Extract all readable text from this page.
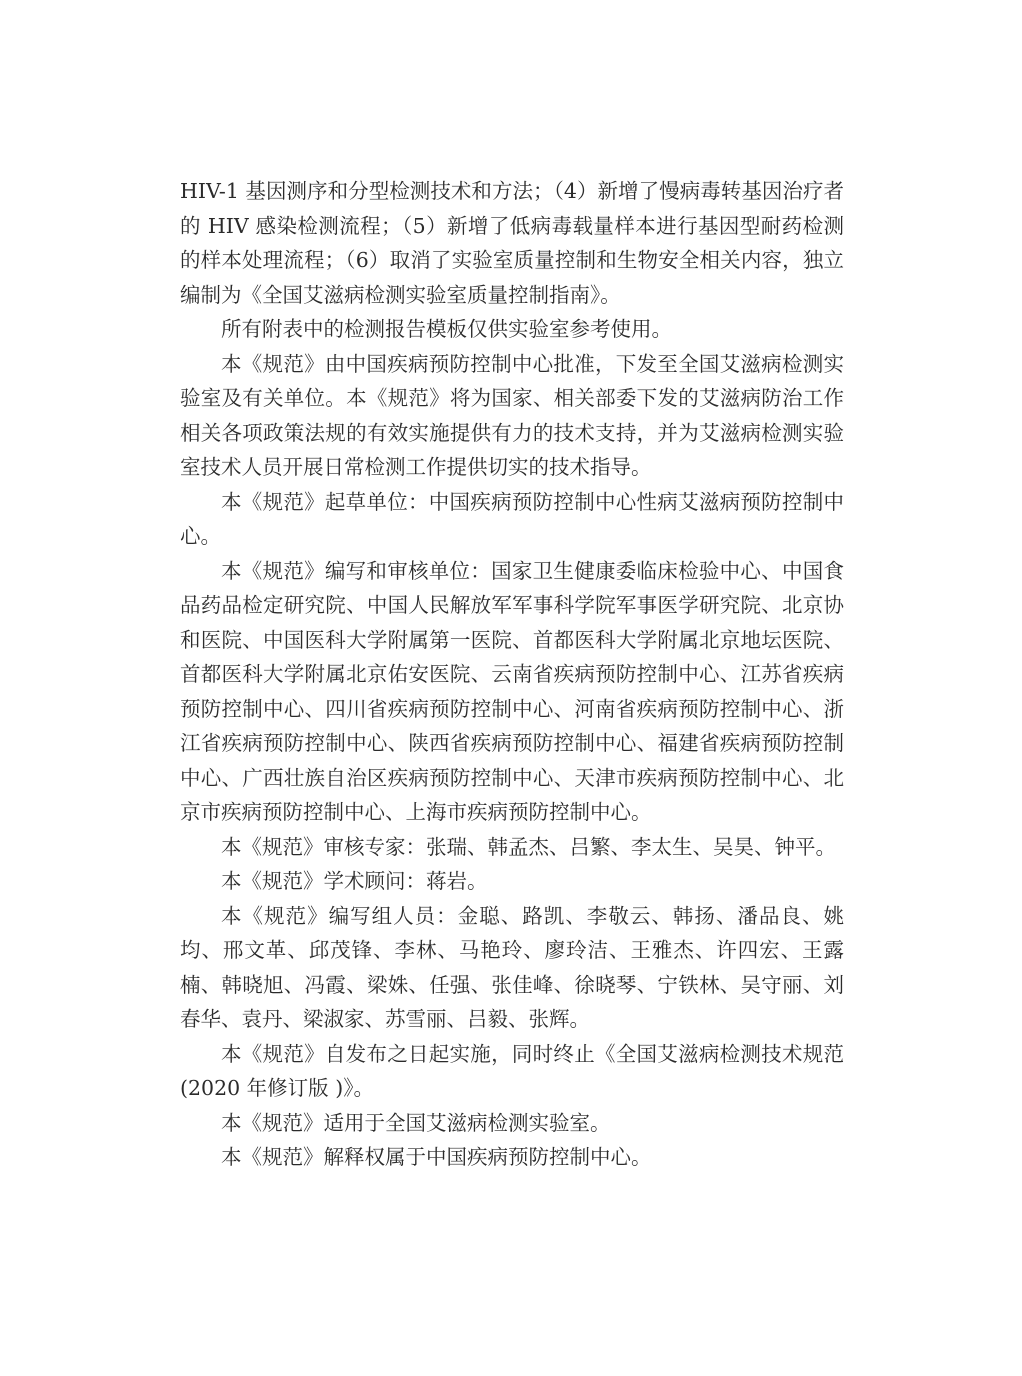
HIV-1 基因测序和分型检测技术和方法；（4）新增了慢病毒转基因治疗者的 HIV 感染检测流程；（5）新增了低病毒载量样本进行基因型耐药检测的样本处理流程；（6）取消了实验室质量控制和生物安全相关内容，独立编制为《全国艾滋病检测实验室质量控制指南》。

所有附表中的检测报告模板仅供实验室参考使用。

本《规范》由中国疾病预防控制中心批准，下发至全国艾滋病检测实验室及有关单位。本《规范》将为国家、相关部委下发的艾滋病防治工作相关各项政策法规的有效实施提供有力的技术支持，并为艾滋病检测实验室技术人员开展日常检测工作提供切实的技术指导。

本《规范》起草单位：中国疾病预防控制中心性病艾滋病预防控制中心。

本《规范》编写和审核单位：国家卫生健康委临床检验中心、中国食品药品检定研究院、中国人民解放军军事科学院军事医学研究院、北京协和医院、中国医科大学附属第一医院、首都医科大学附属北京地坛医院、首都医科大学附属北京佑安医院、云南省疾病预防控制中心、江苏省疾病预防控制中心、四川省疾病预防控制中心、河南省疾病预防控制中心、浙江省疾病预防控制中心、陕西省疾病预防控制中心、福建省疾病预防控制中心、广西壮族自治区疾病预防控制中心、天津市疾病预防控制中心、北京市疾病预防控制中心、上海市疾病预防控制中心。

本《规范》审核专家：张瑞、韩孟杰、吕繁、李太生、吴昊、钟平。

本《规范》学术顾问：蒋岩。

本《规范》编写组人员：金聪、路凯、李敬云、韩扬、潘品良、姚均、邢文革、邱茂锋、李林、马艳玲、廖玲洁、王雅杰、许四宏、王露楠、韩晓旭、冯霞、梁姝、任强、张佳峰、徐晓琴、宁铁林、吴守丽、刘春华、袁丹、梁淑家、苏雪丽、吕毅、张辉。

本《规范》自发布之日起实施，同时终止《全国艾滋病检测技术规范 (2020 年修订版 )》。

本《规范》适用于全国艾滋病检测实验室。

本《规范》解释权属于中国疾病预防控制中心。
